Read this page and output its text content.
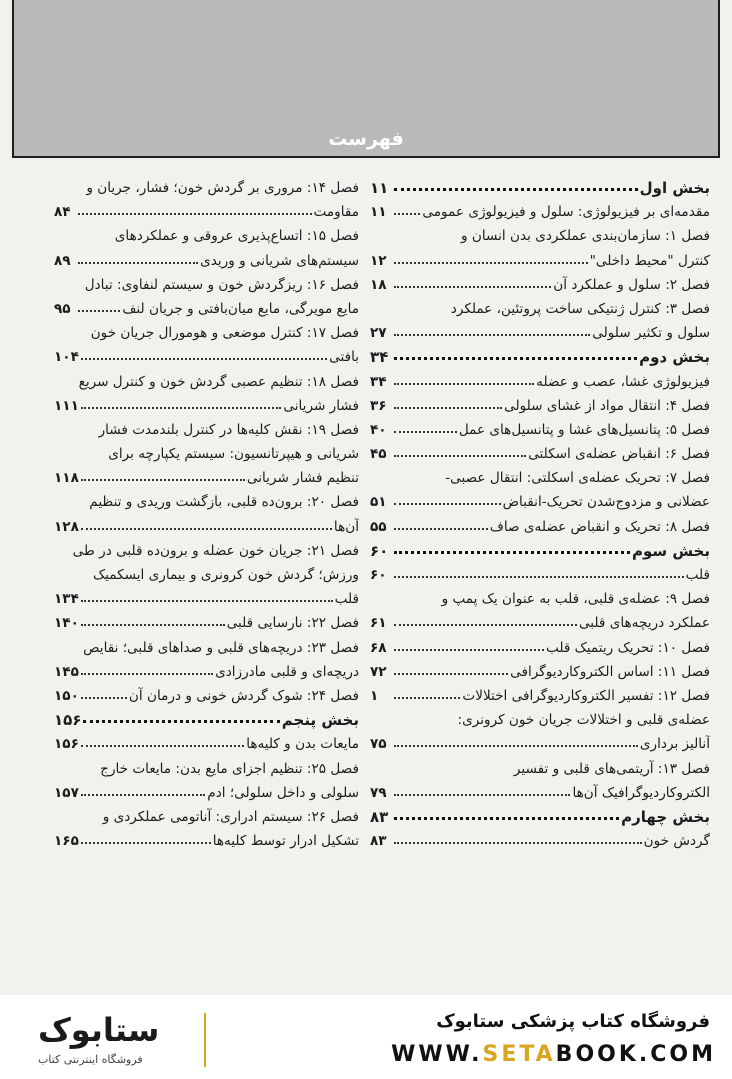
فهرست
بخش اول
۱۱
مقدمه‌ای بر فیزیولوژی: سلول و فیزیولوژی عمومی
۱۱
فصل ۱: سازمان‌بندی عملکردی بدن انسان و
کنترل "محیط داخلی"
۱۲
فصل ۲: سلول و عملکرد آن
۱۸
فصل ۳: کنترل ژنتیکی ساخت پروتئین، عملکرد
سلول و تکثیر سلولی
۲۷
بخش دوم
۳۴
فیزیولوژی غشا، عصب و عضله
۳۴
فصل ۴: انتقال مواد از غشای سلولی
۳۶
فصل ۵: پتانسیل‌های غشا و پتانسیل‌های عمل
۴۰
فصل ۶: انقباض عضله‌ی اسکلتی
۴۵
فصل ۷: تحریک عضله‌ی اسکلتی: انتقال عصبی-
عضلانی و مزدوج‌شدن تحریک-انقباض
۵۱
فصل ۸: تحریک و انقباض عضله‌ی صاف
۵۵
بخش سوم
۶۰
قلب
۶۰
فصل ۹: عضله‌ی قلبی، قلب به عنوان یک پمپ و
عملکرد دریچه‌های قلبی
۶۱
فصل ۱۰: تحریک ریتمیک قلب
۶۸
فصل ۱۱: اساس الکتروکاردیوگرافی
۷۲
فصل ۱۲: تفسیر الکتروکاردیوگرافی اختلالات
۱
عضله‌ی قلبی و اختلالات جریان خون کرونری:
آنالیز برداری
۷۵
فصل ۱۳: آریتمی‌های قلبی و تفسیر
الکتروکاردیوگرافیک آن‌ها
۷۹
بخش چهارم
۸۳
گردش خون
۸۳
فصل ۱۴: مروری بر گردش خون؛ فشار، جریان و
مقاومت
۸۴
فصل ۱۵: اتساع‌پذیری عروقی و عملکردهای
سیستم‌های شریانی و وریدی
۸۹
فصل ۱۶: ریزگردش خون و سیستم لنفاوی: تبادل
مایع مویرگی، مایع میان‌بافتی و جریان لنف
۹۵
فصل ۱۷: کنترل موضعی و هومورال جریان خون
بافتی
۱۰۴
فصل ۱۸: تنظیم عصبی گردش خون و کنترل سریع
فشار شریانی
۱۱۱
فصل ۱۹: نقش کلیه‌ها در کنترل بلندمدت فشار
شریانی و هیپرتانسیون: سیستم یکپارچه برای
تنظیم فشار شریانی
۱۱۸
فصل ۲۰: برون‌ده قلبی، بازگشت وریدی و تنظیم
آن‌ها
۱۲۸
فصل ۲۱: جریان خون عضله و برون‌ده قلبی در طی
ورزش؛ گردش خون کرونری و بیماری ایسکمیک
قلب
۱۳۴
فصل ۲۲: نارسایی قلبی
۱۴۰
فصل ۲۳: دریچه‌های قلبی و صداهای قلبی؛ نقایص
دریچه‌ای و قلبی مادرزادی
۱۴۵
فصل ۲۴: شوک گردش خونی و درمان آن
۱۵۰
بخش پنجم
۱۵۶
مایعات بدن و کلیه‌ها
۱۵۶
فصل ۲۵: تنظیم اجزای مایع بدن: مایعات خارج
سلولی و داخل سلولی؛ ادم
۱۵۷
فصل ۲۶: سیستم ادراری: آناتومی عملکردی و
تشکیل ادرار توسط کلیه‌ها
۱۶۵
ستابوک
فروشگاه اینترنتی کتاب
فروشگاه کتاب پزشکی ستابوک
WWW.SETABOOK.COM
